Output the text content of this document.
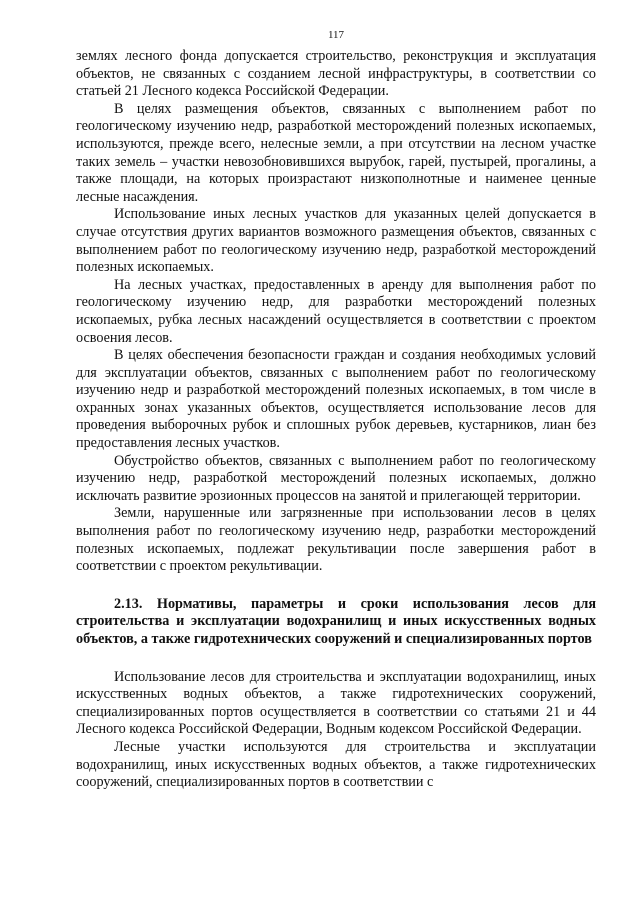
117

землях лесного фонда допускается строительство, реконструкция и эксплуатация объектов, не связанных с созданием лесной инфраструктуры, в соответствии со статьей 21 Лесного кодекса Российской Федерации.

В целях размещения объектов, связанных с выполнением работ по геологическому изучению недр, разработкой месторождений полезных ископаемых, используются, прежде всего, нелесные земли, а при отсутствии на лесном участке таких земель – участки невозобновившихся вырубок, гарей, пустырей, прогалины, а также площади, на которых произрастают низкополнотные и наименее ценные лесные насаждения.

Использование иных лесных участков для указанных целей допускается в случае отсутствия других вариантов возможного размещения объектов, связанных с выполнением работ по геологическому изучению недр, разработкой месторождений полезных ископаемых.

На лесных участках, предоставленных в аренду для выполнения работ по геологическому изучению недр, для разработки месторождений полезных ископаемых, рубка лесных насаждений осуществляется в соответствии с проектом освоения лесов.

В целях обеспечения безопасности граждан и создания необходимых условий для эксплуатации объектов, связанных с выполнением работ по геологическому изучению недр и разработкой месторождений полезных ископаемых, в том числе в охранных зонах указанных объектов, осуществляется использование лесов для проведения выборочных рубок и сплошных рубок деревьев, кустарников, лиан без предоставления лесных участков.

Обустройство объектов, связанных с выполнением работ по геологическому изучению недр, разработкой месторождений полезных ископаемых, должно исключать развитие эрозионных процессов на занятой и прилегающей территории.

Земли, нарушенные или загрязненные при использовании лесов в целях выполнения работ по геологическому изучению недр, разработки месторождений полезных ископаемых, подлежат рекультивации после завершения работ в соответствии с проектом рекультивации.

2.13. Нормативы, параметры и сроки использования лесов для строительства и эксплуатации водохранилищ и иных искусственных водных объектов, а также гидротехнических сооружений и специализированных портов

Использование лесов для строительства и эксплуатации водохранилищ, иных искусственных водных объектов, а также гидротехнических сооружений, специализированных портов осуществляется в соответствии со статьями 21 и 44 Лесного кодекса Российской Федерации, Водным кодексом Российской Федерации.

Лесные участки используются для строительства и эксплуатации водохранилищ, иных искусственных водных объектов, а также гидротехнических сооружений, специализированных портов в соответствии с
